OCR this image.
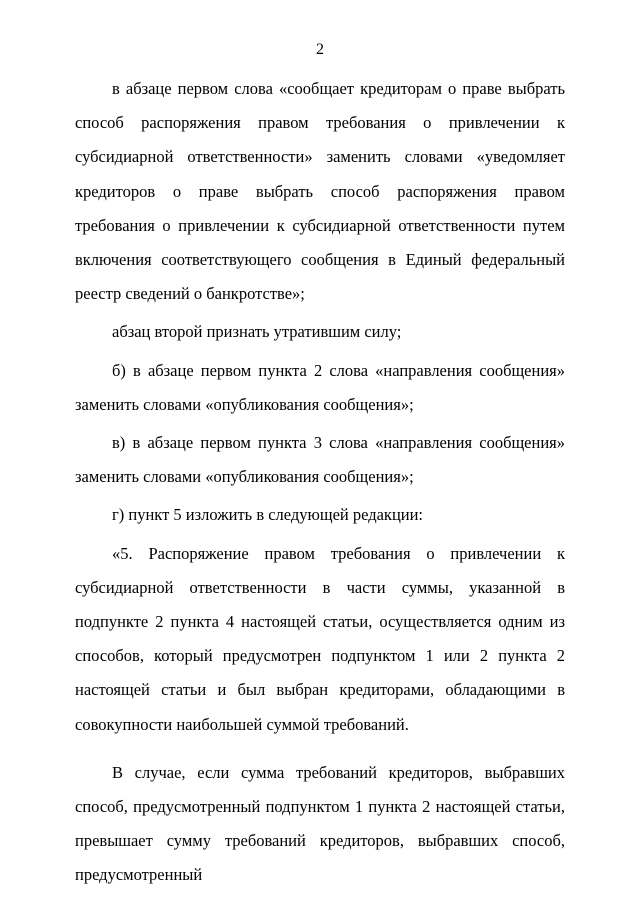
2

в абзаце первом слова «сообщает кредиторам о праве выбрать способ распоряжения правом требования о привлечении к субсидиарной ответственности» заменить словами «уведомляет кредиторов о праве выбрать способ распоряжения правом требования о привлечении к субсидиарной ответственности путем включения соответствующего сообщения в Единый федеральный реестр сведений о банкротстве»;

абзац второй признать утратившим силу;

б) в абзаце первом пункта 2 слова «направления сообщения» заменить словами «опубликования сообщения»;

в) в абзаце первом пункта 3 слова «направления сообщения» заменить словами «опубликования сообщения»;

г) пункт 5 изложить в следующей редакции:

«5. Распоряжение правом требования о привлечении к субсидиарной ответственности в части суммы, указанной в подпункте 2 пункта 4 настоящей статьи, осуществляется одним из способов, который предусмотрен подпунктом 1 или 2 пункта 2 настоящей статьи и был выбран кредиторами, обладающими в совокупности наибольшей суммой требований.

В случае, если сумма требований кредиторов, выбравших способ, предусмотренный подпунктом 1 пункта 2 настоящей статьи, превышает сумму требований кредиторов, выбравших способ, предусмотренный
